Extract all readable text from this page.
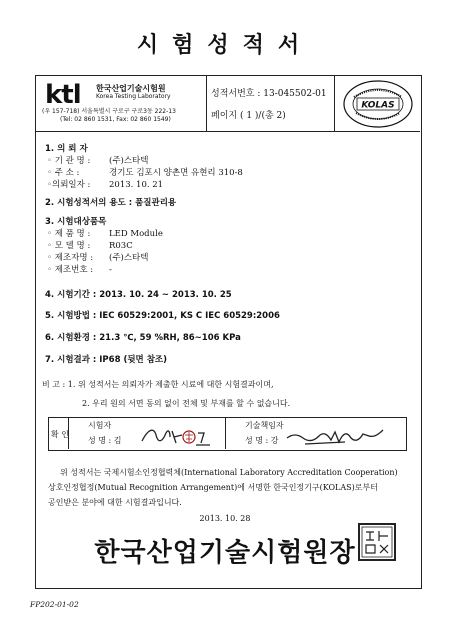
시험성적서
ktl 한국산업기술시험원
Korea Testing Laboratory
(우 157-718) 서울특별시 구로구 구로3동 222-13
(Tel: 02 860 1531, Fax: 02 860 1549)
성적서번호 : 13-045502-01
페이지 ( 1 )/(총 2)
KOLAS
1. 의 뢰 자
◦ 기 관 명 : (주)스타텍
◦ 주 소 :	경기도 김포시 양촌면 유현리 310-8
◦의뢰일자 : 2013. 10. 21
2. 시험성적서의 용도 : 품질관리용
3. 시험대상품목
◦ 제 품 명 : LED Module
◦ 모 델 명 : R03C
◦ 제조자명 : (주)스타텍
◦ 제조번호 : -
4. 시험기간 : 2013. 10. 24 ~ 2013. 10. 25
5. 시험방법 : IEC 60529:2001, KS C IEC 60529:2006
6. 시험환경 : 21.3 ℃, 59 %RH, 86~106 KPa
7. 시험결과 : IP68 (뒷면 참조)
비 고 : 1. 위 성적서는 의뢰자가 제출한 시료에 대한 시험결과이며,
2. 우리 원의 서면 동의 없이 전체 및 부재를 할 수 없습니다.
확 인
시험자
성 명 : 김
기술책임자
성 명 : 강
위 성적서는 국제시험소인정협력체(International Laboratory Accreditation Cooperation)
상호인정협정(Mutual Recognition Arrangement)에 서명한 한국인정기구(KOLAS)로부터
공인받은 분야에 대한 시험결과입니다.
2013. 10. 28
한국산업기술시험원장
FP202-01-02
